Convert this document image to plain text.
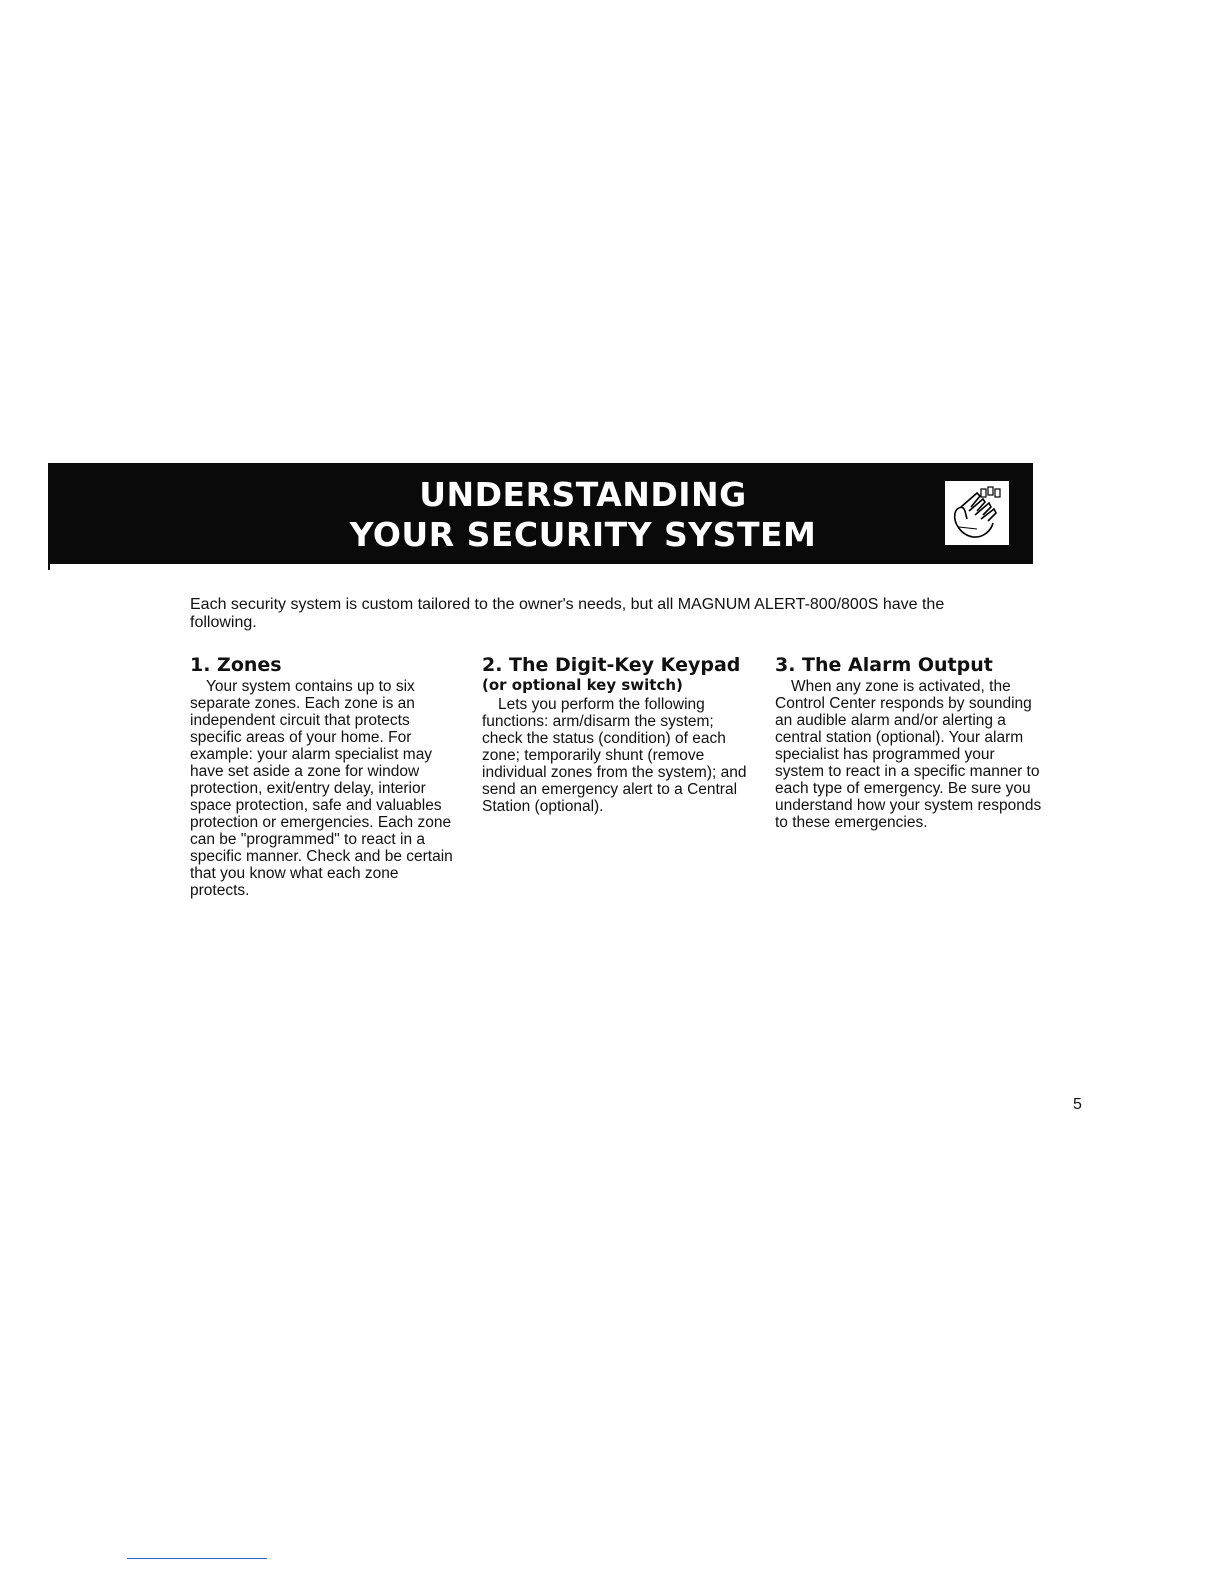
UNDERSTANDING
YOUR SECURITY SYSTEM

Each security system is custom tailored to the owner's needs, but all MAGNUM ALERT-800/800S have the following.

1. Zones

Your system contains up to six separate zones. Each zone is an independent circuit that protects specific areas of your home. For example: your alarm specialist may have set aside a zone for window protection, exit/entry delay, interior space protection, safe and valuables protection or emergencies. Each zone can be "programmed" to react in a specific manner. Check and be certain that you know what each zone protects.

2. The Digit-Key Keypad
(or optional key switch)

Lets you perform the following functions: arm/disarm the system; check the status (condition) of each zone; temporarily shunt (remove individual zones from the system); and send an emergency alert to a Central Station (optional).

3. The Alarm Output

When any zone is activated, the Control Center responds by sounding an audible alarm and/or alerting a central station (optional). Your alarm specialist has programmed your system to react in a specific manner to each type of emergency. Be sure you understand how your system responds to these emergencies.

5
